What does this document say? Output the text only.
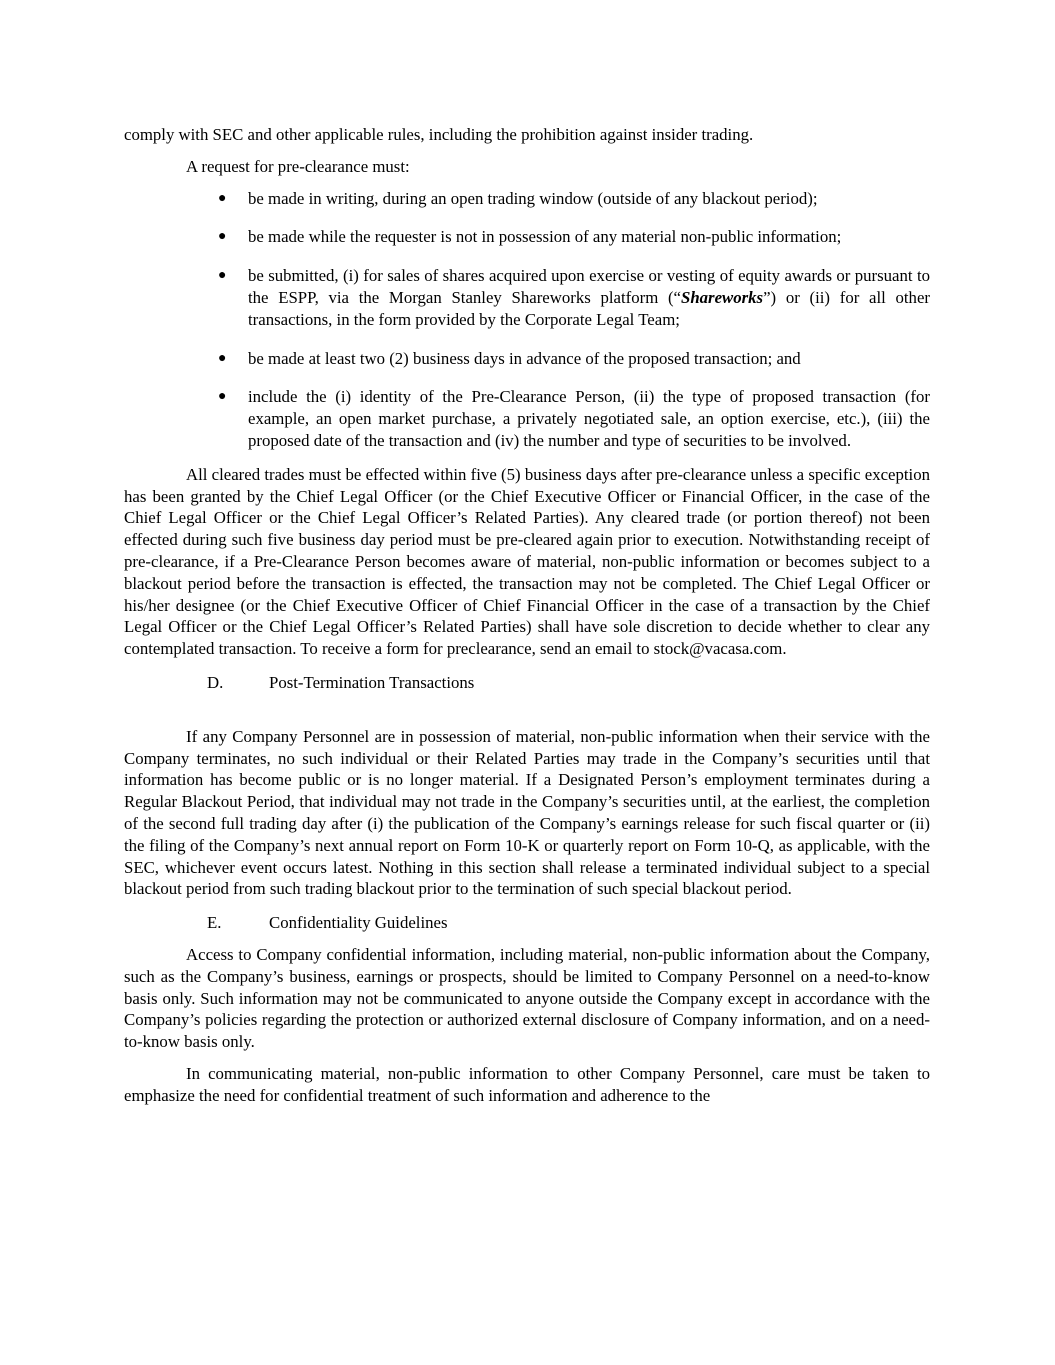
comply with SEC and other applicable rules, including the prohibition against insider trading.

A request for pre-clearance must:

● be made in writing, during an open trading window (outside of any blackout period);
● be made while the requester is not in possession of any material non-public information;
● be submitted, (i) for sales of shares acquired upon exercise or vesting of equity awards or pursuant to the ESPP, via the Morgan Stanley Shareworks platform (“Shareworks”) or (ii) for all other transactions, in the form provided by the Corporate Legal Team;
● be made at least two (2) business days in advance of the proposed transaction; and
● include the (i) identity of the Pre-Clearance Person, (ii) the type of proposed transaction (for example, an open market purchase, a privately negotiated sale, an option exercise, etc.), (iii) the proposed date of the transaction and (iv) the number and type of securities to be involved.

All cleared trades must be effected within five (5) business days after pre-clearance unless a specific exception has been granted by the Chief Legal Officer (or the Chief Executive Officer or Financial Officer, in the case of the Chief Legal Officer or the Chief Legal Officer’s Related Parties). Any cleared trade (or portion thereof) not been effected during such five business day period must be pre-cleared again prior to execution. Notwithstanding receipt of pre-clearance, if a Pre-Clearance Person becomes aware of material, non-public information or becomes subject to a blackout period before the transaction is effected, the transaction may not be completed. The Chief Legal Officer or his/her designee (or the Chief Executive Officer of Chief Financial Officer in the case of a transaction by the Chief Legal Officer or the Chief Legal Officer’s Related Parties) shall have sole discretion to decide whether to clear any contemplated transaction. To receive a form for preclearance, send an email to stock@vacasa.com.

D.	Post-Termination Transactions

If any Company Personnel are in possession of material, non-public information when their service with the Company terminates, no such individual or their Related Parties may trade in the Company’s securities until that information has become public or is no longer material. If a Designated Person’s employment terminates during a Regular Blackout Period, that individual may not trade in the Company’s securities until, at the earliest, the completion of the second full trading day after (i) the publication of the Company’s earnings release for such fiscal quarter or (ii) the filing of the Company’s next annual report on Form 10-K or quarterly report on Form 10-Q, as applicable, with the SEC, whichever event occurs latest. Nothing in this section shall release a terminated individual subject to a special blackout period from such trading blackout prior to the termination of such special blackout period.

E.	Confidentiality Guidelines

Access to Company confidential information, including material, non-public information about the Company, such as the Company’s business, earnings or prospects, should be limited to Company Personnel on a need-to-know basis only. Such information may not be communicated to anyone outside the Company except in accordance with the Company’s policies regarding the protection or authorized external disclosure of Company information, and on a need-to-know basis only.

In communicating material, non-public information to other Company Personnel, care must be taken to emphasize the need for confidential treatment of such information and adherence to the
